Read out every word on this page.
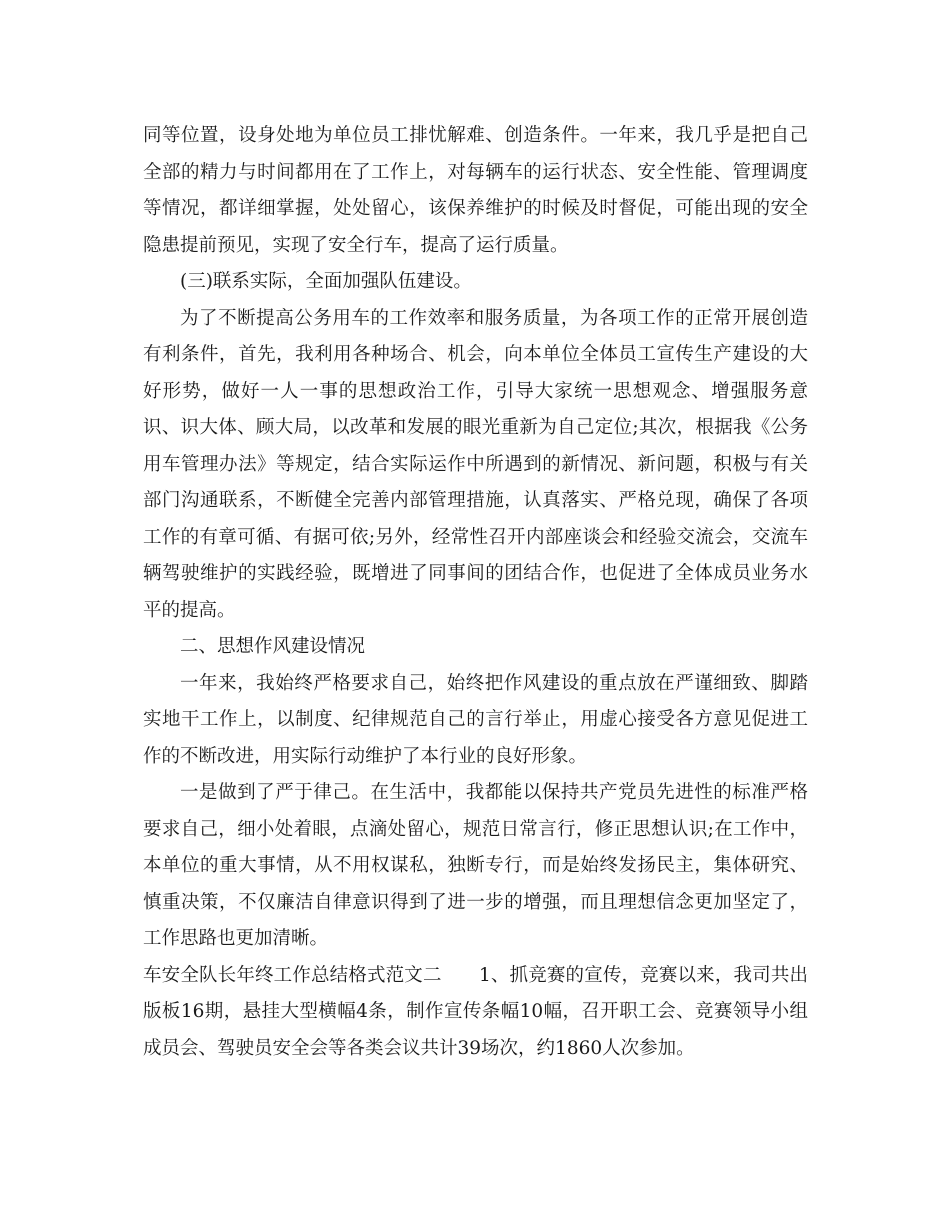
同等位置，设身处地为单位员工排忧解难、创造条件。一年来，我几乎是把自己全部的精力与时间都用在了工作上，对每辆车的运行状态、安全性能、管理调度等情况，都详细掌握，处处留心，该保养维护的时候及时督促，可能出现的安全隐患提前预见，实现了安全行车，提高了运行质量。

(三)联系实际，全面加强队伍建设。

为了不断提高公务用车的工作效率和服务质量，为各项工作的正常开展创造有利条件，首先，我利用各种场合、机会，向本单位全体员工宣传生产建设的大好形势，做好一人一事的思想政治工作，引导大家统一思想观念、增强服务意识、识大体、顾大局，以改革和发展的眼光重新为自己定位;其次，根据我《公务用车管理办法》等规定，结合实际运作中所遇到的新情况、新问题，积极与有关部门沟通联系，不断健全完善内部管理措施，认真落实、严格兑现，确保了各项工作的有章可循、有据可依;另外，经常性召开内部座谈会和经验交流会，交流车辆驾驶维护的实践经验，既增进了同事间的团结合作，也促进了全体成员业务水平的提高。

二、思想作风建设情况

一年来，我始终严格要求自己，始终把作风建设的重点放在严谨细致、脚踏实地干工作上，以制度、纪律规范自己的言行举止，用虚心接受各方意见促进工作的不断改进，用实际行动维护了本行业的良好形象。

一是做到了严于律己。在生活中，我都能以保持共产党员先进性的标准严格要求自己，细小处着眼，点滴处留心，规范日常言行，修正思想认识;在工作中，本单位的重大事情，从不用权谋私，独断专行，而是始终发扬民主，集体研究、慎重决策，不仅廉洁自律意识得到了进一步的增强，而且理想信念更加坚定了，工作思路也更加清晰。

车安全队长年终工作总结格式范文二　　1、抓竞赛的宣传，竞赛以来，我司共出版板16期，悬挂大型横幅4条，制作宣传条幅10幅，召开职工会、竞赛领导小组成员会、驾驶员安全会等各类会议共计39场次，约1860人次参加。
